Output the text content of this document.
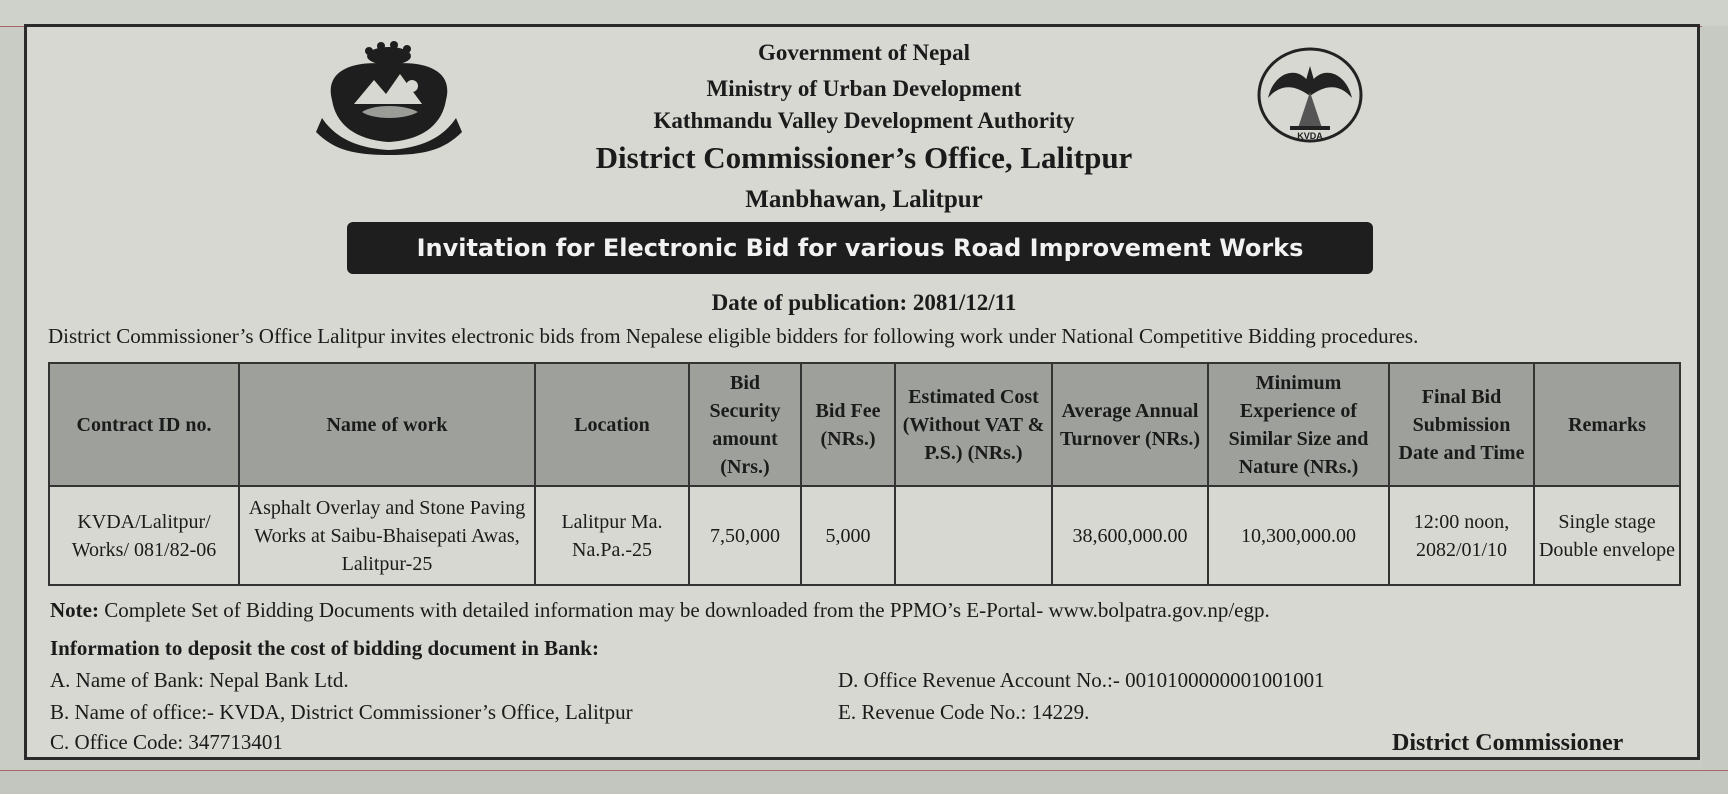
KVDA
Government of Nepal
Ministry of Urban Development
Kathmandu Valley Development Authority
District Commissioner’s Office, Lalitpur
Manbhawan, Lalitpur
Invitation for Electronic Bid for various Road Improvement Works
Date of publication: 2081/12/11
District Commissioner’s Office Lalitpur invites electronic bids from Nepalese eligible bidders for following work under National Competitive Bidding procedures.
Contract ID no.	Name of work	Location	Bid Security amount (Nrs.)	Bid Fee (NRs.)	Estimated Cost (Without VAT & P.S.) (NRs.)	Average Annual Turnover (NRs.)	Minimum Experience of Similar Size and Nature (NRs.)	Final Bid Submission Date and Time	Remarks
KVDA/Lalitpur/ Works/ 081/82-06	Asphalt Overlay and Stone Paving Works at Saibu-Bhaisepati Awas, Lalitpur-25	Lalitpur Ma. Na.Pa.-25	7,50,000	5,000		38,600,000.00	10,300,000.00	12:00 noon, 2082/01/10	Single stage Double envelope
Note: Complete Set of Bidding Documents with detailed information may be downloaded from the PPMO’s E-Portal- www.bolpatra.gov.np/egp.
Information to deposit the cost of bidding document in Bank:
A. Name of Bank: Nepal Bank Ltd.
B. Name of office:- KVDA, District Commissioner’s Office, Lalitpur
C. Office Code: 347713401
D. Office Revenue Account No.:- 0010100000001001001
E. Revenue Code No.: 14229.
District Commissioner
